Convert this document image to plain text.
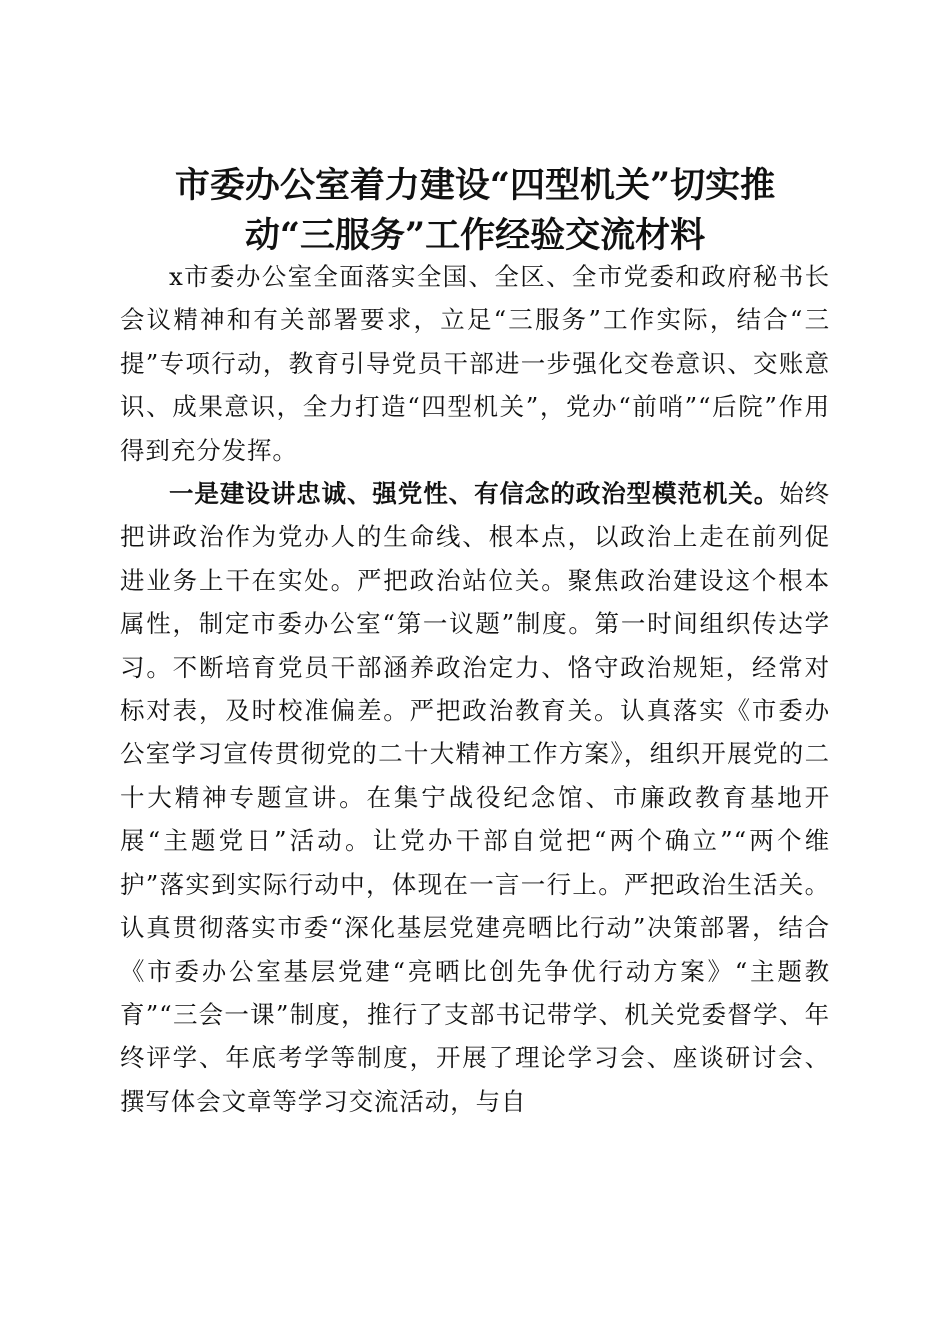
市委办公室着力建设“四型机关”切实推
动“三服务”工作经验交流材料

x市委办公室全面落实全国、全区、全市党委和政府秘书长会议精神和有关部署要求，立足“三服务”工作实际，结合“三提”专项行动，教育引导党员干部进一步强化交卷意识、交账意识、成果意识，全力打造“四型机关”，党办“前哨”“后院”作用得到充分发挥。

一是建设讲忠诚、强党性、有信念的政治型模范机关。始终把讲政治作为党办人的生命线、根本点，以政治上走在前列促进业务上干在实处。严把政治站位关。聚焦政治建设这个根本属性，制定市委办公室“第一议题”制度。第一时间组织传达学习。不断培育党员干部涵养政治定力、恪守政治规矩，经常对标对表，及时校准偏差。严把政治教育关。认真落实《市委办公室学习宣传贯彻党的二十大精神工作方案》，组织开展党的二十大精神专题宣讲。在集宁战役纪念馆、市廉政教育基地开展“主题党日”活动。让党办干部自觉把“两个确立”“两个维护”落实到实际行动中，体现在一言一行上。严把政治生活关。认真贯彻落实市委“深化基层党建亮晒比行动”决策部署，结合《市委办公室基层党建“亮晒比创先争优行动方案》“主题教育”“三会一课”制度，推行了支部书记带学、机关党委督学、年终评学、年底考学等制度，开展了理论学习会、座谈研讨会、撰写体会文章等学习交流活动，与自
